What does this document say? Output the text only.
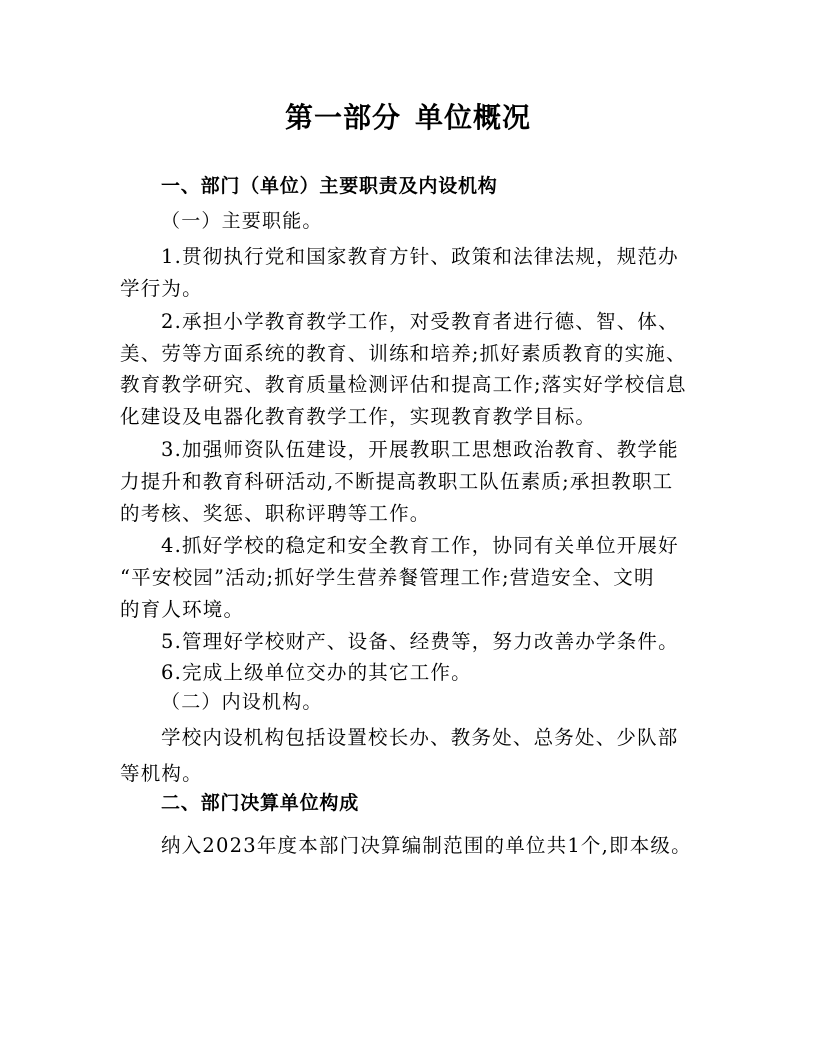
第一部分 单位概况
一、部门（单位）主要职责及内设机构
（一）主要职能。
1.贯彻执行党和国家教育方针、政策和法律法规，规范办
学行为。
2.承担小学教育教学工作，对受教育者进行德、智、体、
美、劳等方面系统的教育、训练和培养;抓好素质教育的实施、
教育教学研究、教育质量检测评估和提高工作;落实好学校信息
化建设及电器化教育教学工作，实现教育教学目标。
3.加强师资队伍建设，开展教职工思想政治教育、教学能
力提升和教育科研活动,不断提高教职工队伍素质;承担教职工
的考核、奖惩、职称评聘等工作。
4.抓好学校的稳定和安全教育工作，协同有关单位开展好
“平安校园”活动;抓好学生营养餐管理工作;营造安全、文明
的育人环境。
5.管理好学校财产、设备、经费等，努力改善办学条件。
6.完成上级单位交办的其它工作。
（二）内设机构。
学校内设机构包括设置校长办、教务处、总务处、少队部
等机构。
二、部门决算单位构成
纳入2023年度本部门决算编制范围的单位共1个,即本级。
